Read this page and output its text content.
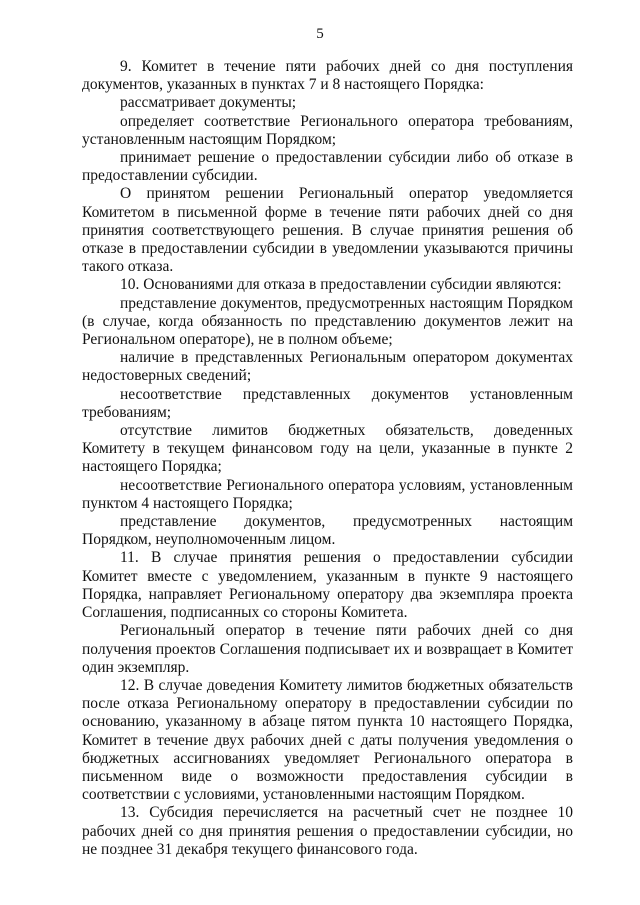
5

9. Комитет в течение пяти рабочих дней со дня поступления документов, указанных в пунктах 7 и 8 настоящего Порядка:

рассматривает документы;

определяет соответствие Регионального оператора требованиям, установленным настоящим Порядком;

принимает решение о предоставлении субсидии либо об отказе в предоставлении субсидии.

О принятом решении Региональный оператор уведомляется Комитетом в письменной форме в течение пяти рабочих дней со дня принятия соответствующего решения. В случае принятия решения об отказе в предоставлении субсидии в уведомлении указываются причины такого отказа.

10. Основаниями для отказа в предоставлении субсидии являются:

представление документов, предусмотренных настоящим Порядком (в случае, когда обязанность по представлению документов лежит на Региональном операторе), не в полном объеме;

наличие в представленных Региональным оператором документах недостоверных сведений;

несоответствие представленных документов установленным требованиям;

отсутствие лимитов бюджетных обязательств, доведенных Комитету в текущем финансовом году на цели, указанные в пункте 2 настоящего Порядка;

несоответствие Регионального оператора условиям, установленным пунктом 4 настоящего Порядка;

представление документов, предусмотренных настоящим Порядком, неуполномоченным лицом.

11. В случае принятия решения о предоставлении субсидии Комитет вместе с уведомлением, указанным в пункте 9 настоящего Порядка, направляет Региональному оператору два экземпляра проекта Соглашения, подписанных со стороны Комитета.

Региональный оператор в течение пяти рабочих дней со дня получения проектов Соглашения подписывает их и возвращает в Комитет один экземпляр.

12. В случае доведения Комитету лимитов бюджетных обязательств после отказа Региональному оператору в предоставлении субсидии по основанию, указанному в абзаце пятом пункта 10 настоящего Порядка, Комитет в течение двух рабочих дней с даты получения уведомления о бюджетных ассигнованиях уведомляет Регионального оператора в письменном виде о возможности предоставления субсидии в соответствии с условиями, установленными настоящим Порядком.

13. Субсидия перечисляется на расчетный счет не позднее 10 рабочих дней со дня принятия решения о предоставлении субсидии, но не позднее 31 декабря текущего финансового года.
